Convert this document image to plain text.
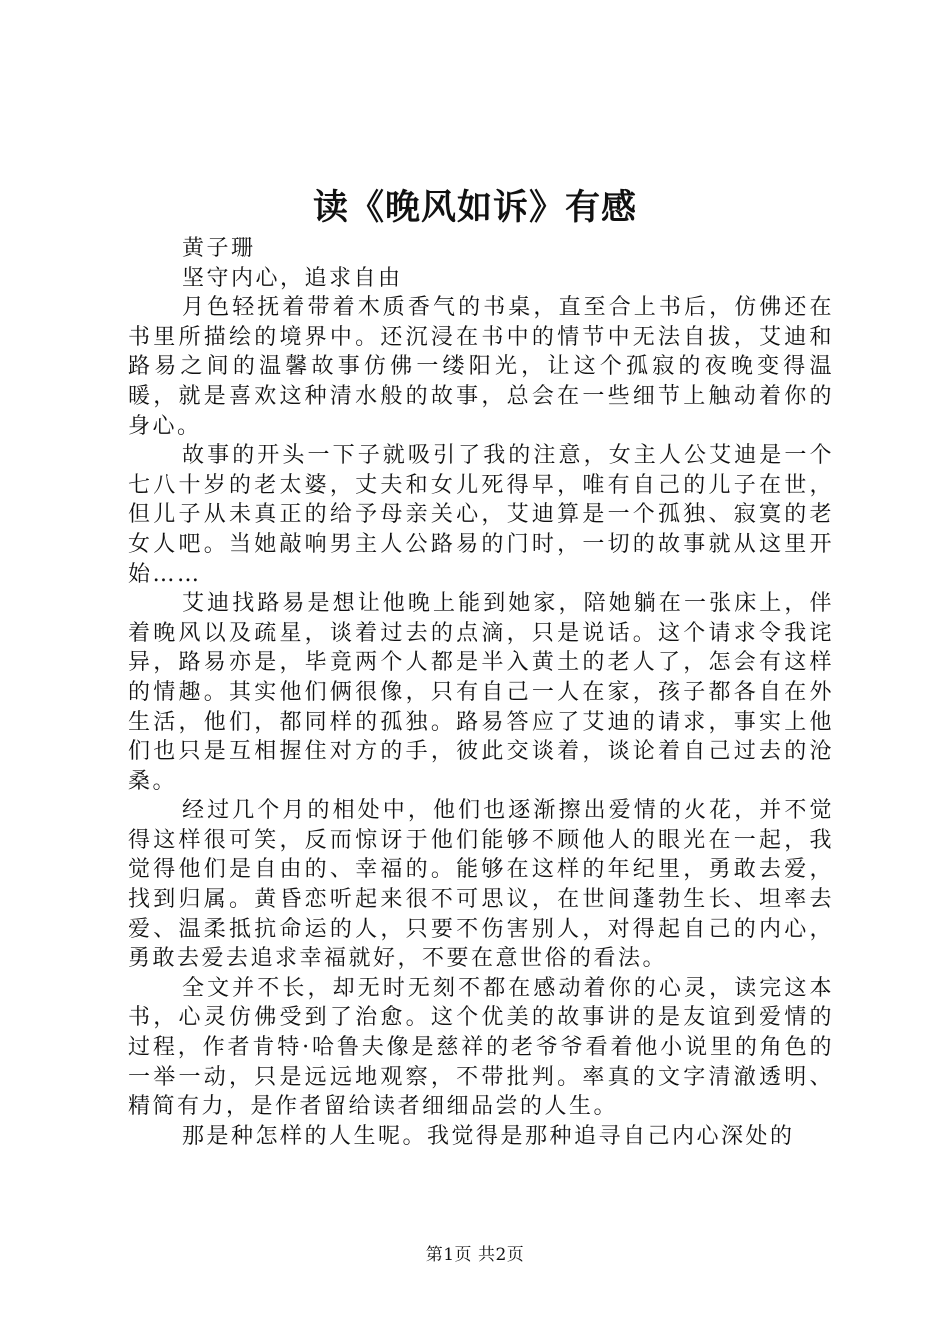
读《晚风如诉》有感

黄子珊

坚守内心，追求自由

月色轻抚着带着木质香气的书桌，直至合上书后，仿佛还在书里所描绘的境界中。还沉浸在书中的情节中无法自拔，艾迪和路易之间的温馨故事仿佛一缕阳光，让这个孤寂的夜晚变得温暖，就是喜欢这种清水般的故事，总会在一些细节上触动着你的身心。

故事的开头一下子就吸引了我的注意，女主人公艾迪是一个七八十岁的老太婆，丈夫和女儿死得早，唯有自己的儿子在世，但儿子从未真正的给予母亲关心，艾迪算是一个孤独、寂寞的老女人吧。当她敲响男主人公路易的门时，一切的故事就从这里开始……

艾迪找路易是想让他晚上能到她家，陪她躺在一张床上，伴着晚风以及疏星，谈着过去的点滴，只是说话。这个请求令我诧异，路易亦是，毕竟两个人都是半入黄土的老人了，怎会有这样的情趣。其实他们俩很像，只有自己一人在家，孩子都各自在外生活，他们，都同样的孤独。路易答应了艾迪的请求，事实上他们也只是互相握住对方的手，彼此交谈着，谈论着自己过去的沧桑。

经过几个月的相处中，他们也逐渐擦出爱情的火花，并不觉得这样很可笑，反而惊讶于他们能够不顾他人的眼光在一起，我觉得他们是自由的、幸福的。能够在这样的年纪里，勇敢去爱，找到归属。黄昏恋听起来很不可思议，在世间蓬勃生长、坦率去爱、温柔抵抗命运的人，只要不伤害别人，对得起自己的内心，勇敢去爱去追求幸福就好，不要在意世俗的看法。

全文并不长，却无时无刻不都在感动着你的心灵，读完这本书，心灵仿佛受到了治愈。这个优美的故事讲的是友谊到爱情的过程，作者肯特·哈鲁夫像是慈祥的老爷爷看着他小说里的角色的一举一动，只是远远地观察，不带批判。率真的文字清澈透明、精简有力，是作者留给读者细细品尝的人生。

那是种怎样的人生呢。我觉得是那种追寻自己内心深处的

第1页 共2页
